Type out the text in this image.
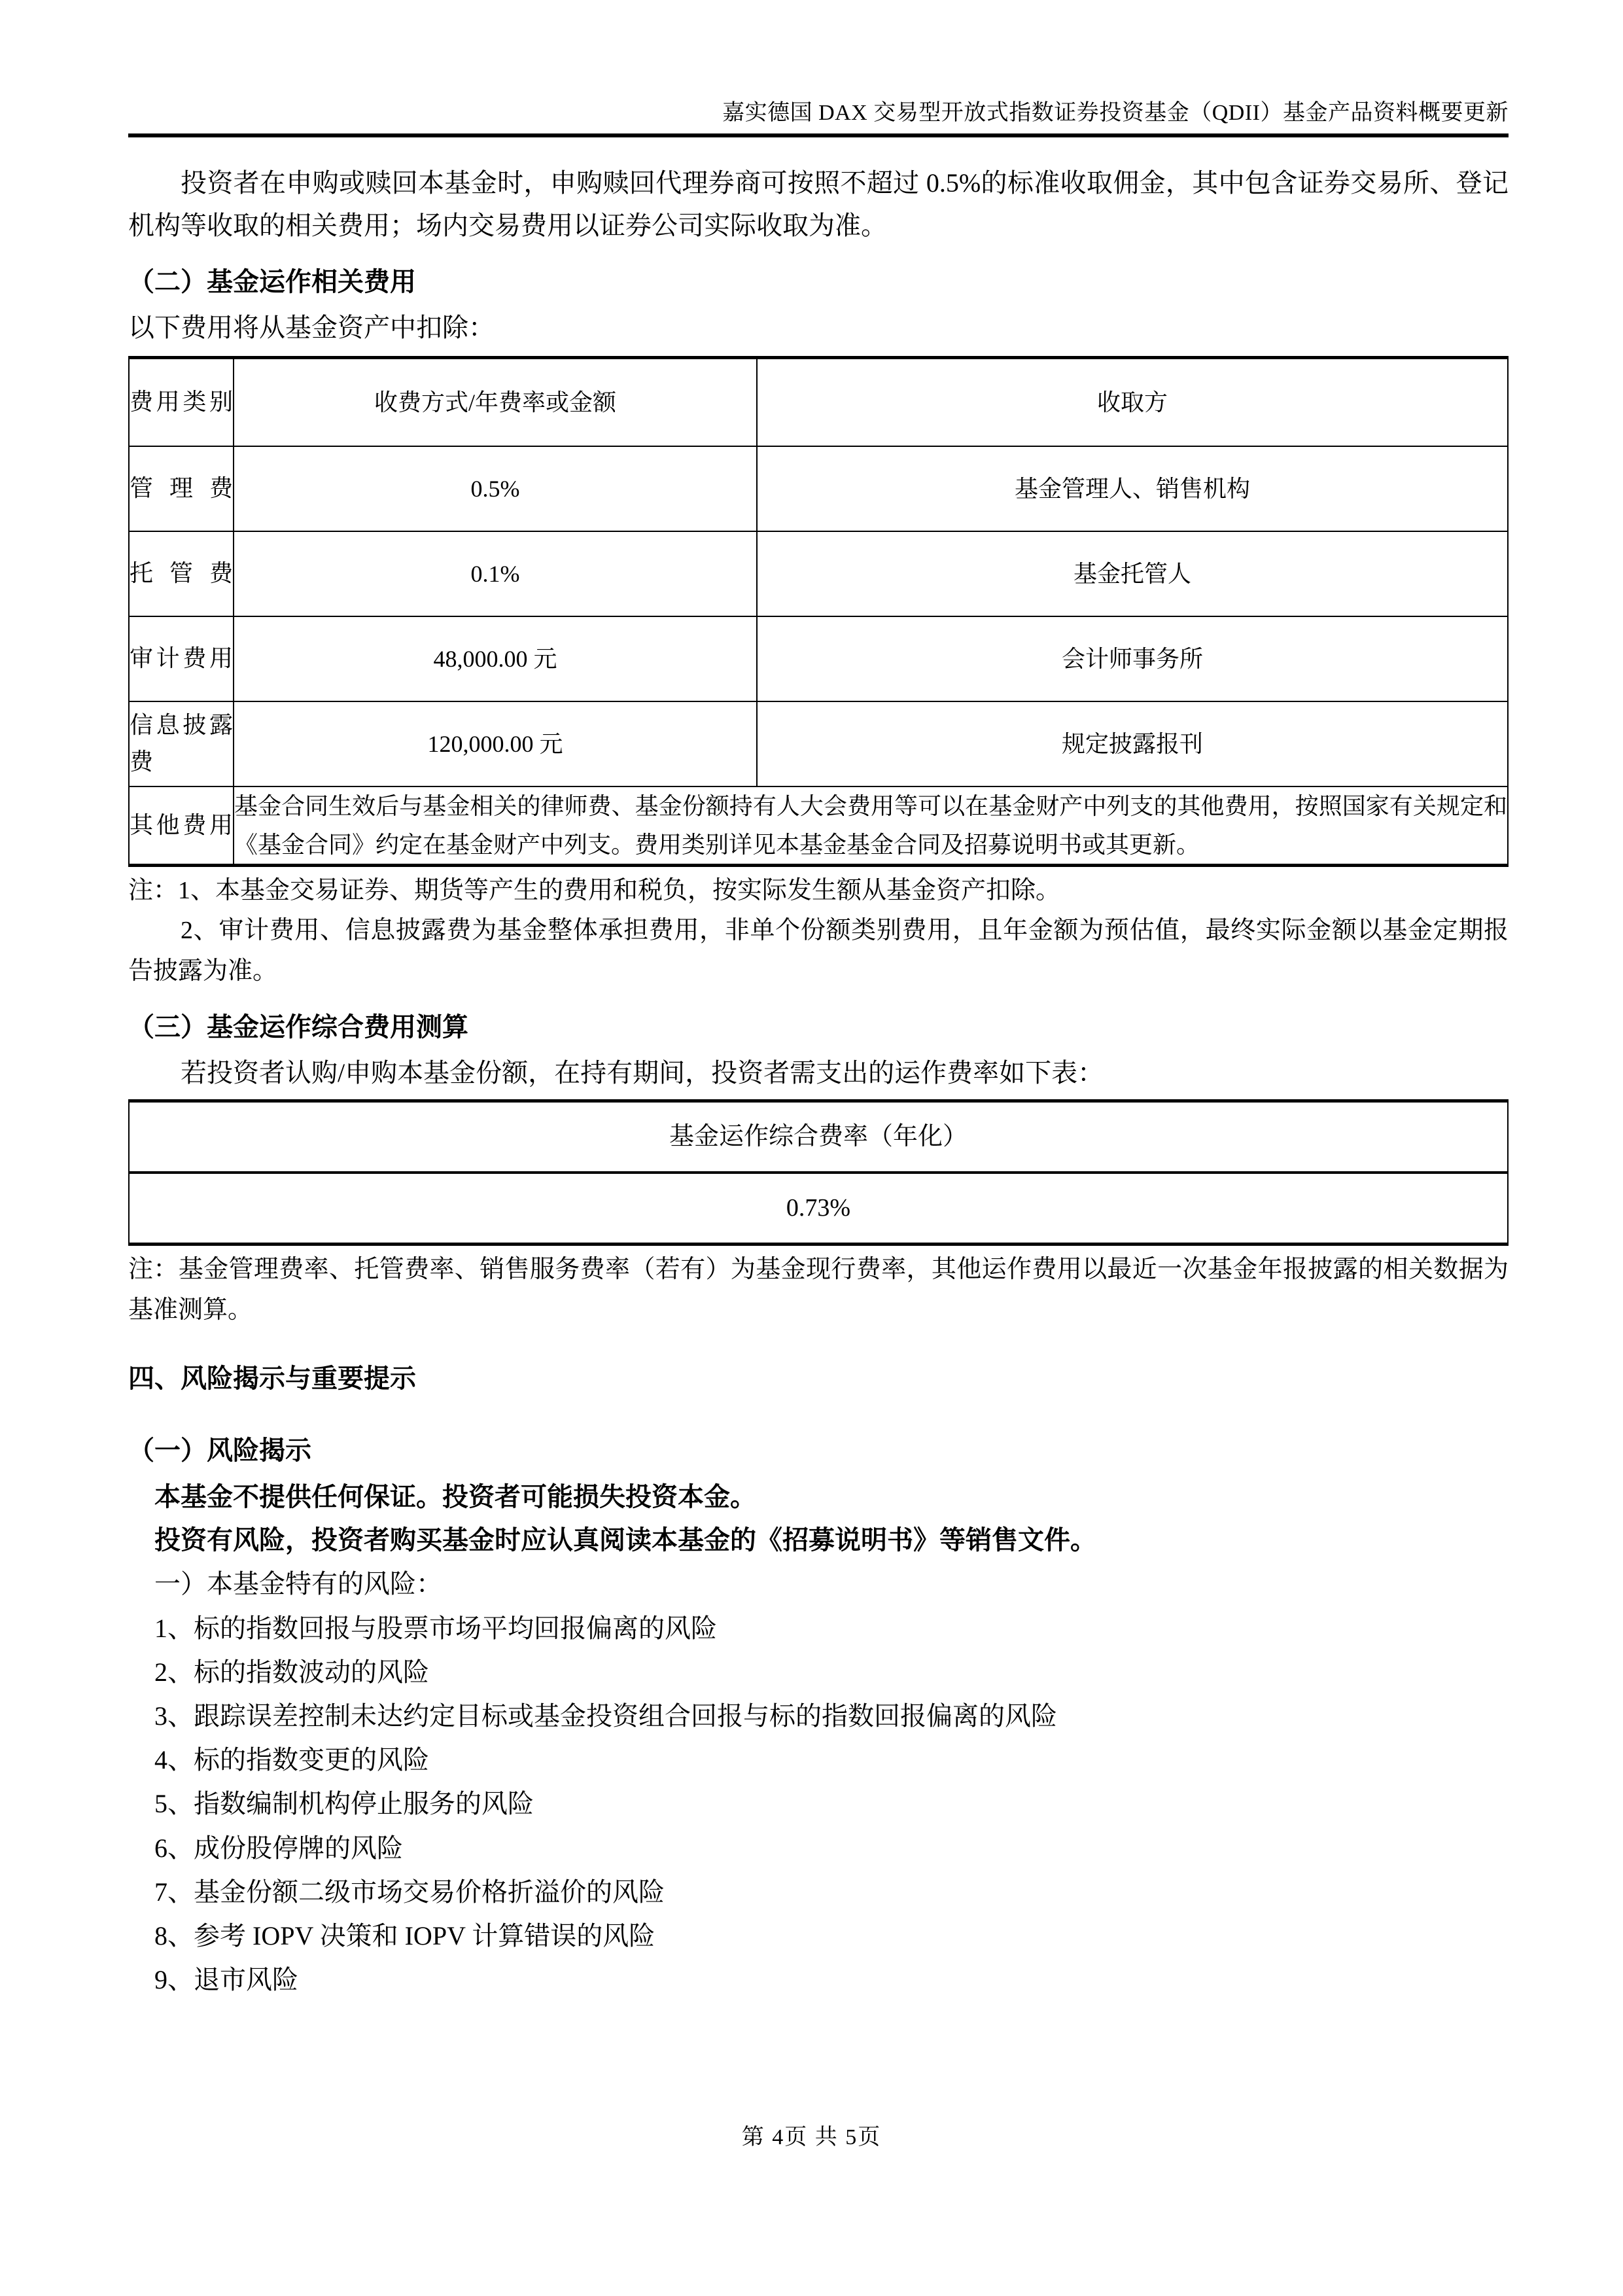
嘉实德国 DAX 交易型开放式指数证券投资基金（QDII）基金产品资料概要更新

投资者在申购或赎回本基金时，申购赎回代理券商可按照不超过 0.5%的标准收取佣金，其中包含证券交易所、登记机构等收取的相关费用；场内交易费用以证券公司实际收取为准。

（二）基金运作相关费用

以下费用将从基金资产中扣除：

费用类别	收费方式/年费率或金额	收取方
管理费	0.5%	基金管理人、销售机构
托管费	0.1%	基金托管人
审计费用	48,000.00 元	会计师事务所
信息披露费	120,000.00 元	规定披露报刊
其他费用	基金合同生效后与基金相关的律师费、基金份额持有人大会费用等可以在基金财产中列支的其他费用，按照国家有关规定和《基金合同》约定在基金财产中列支。费用类别详见本基金基金合同及招募说明书或其更新。	

注：1、本基金交易证券、期货等产生的费用和税负，按实际发生额从基金资产扣除。

2、审计费用、信息披露费为基金整体承担费用，非单个份额类别费用，且年金额为预估值，最终实际金额以基金定期报告披露为准。

（三）基金运作综合费用测算

若投资者认购/申购本基金份额，在持有期间，投资者需支出的运作费率如下表：

基金运作综合费率（年化）
0.73%

注：基金管理费率、托管费率、销售服务费率（若有）为基金现行费率，其他运作费用以最近一次基金年报披露的相关数据为基准测算。

四、风险揭示与重要提示
（一）风险揭示

本基金不提供任何保证。投资者可能损失投资本金。

投资有风险，投资者购买基金时应认真阅读本基金的《招募说明书》等销售文件。

一）本基金特有的风险：

1、标的指数回报与股票市场平均回报偏离的风险

2、标的指数波动的风险

3、跟踪误差控制未达约定目标或基金投资组合回报与标的指数回报偏离的风险

4、标的指数变更的风险

5、指数编制机构停止服务的风险

6、成份股停牌的风险

7、基金份额二级市场交易价格折溢价的风险

8、参考 IOPV 决策和 IOPV 计算错误的风险

9、退市风险

第 4页 共 5页
